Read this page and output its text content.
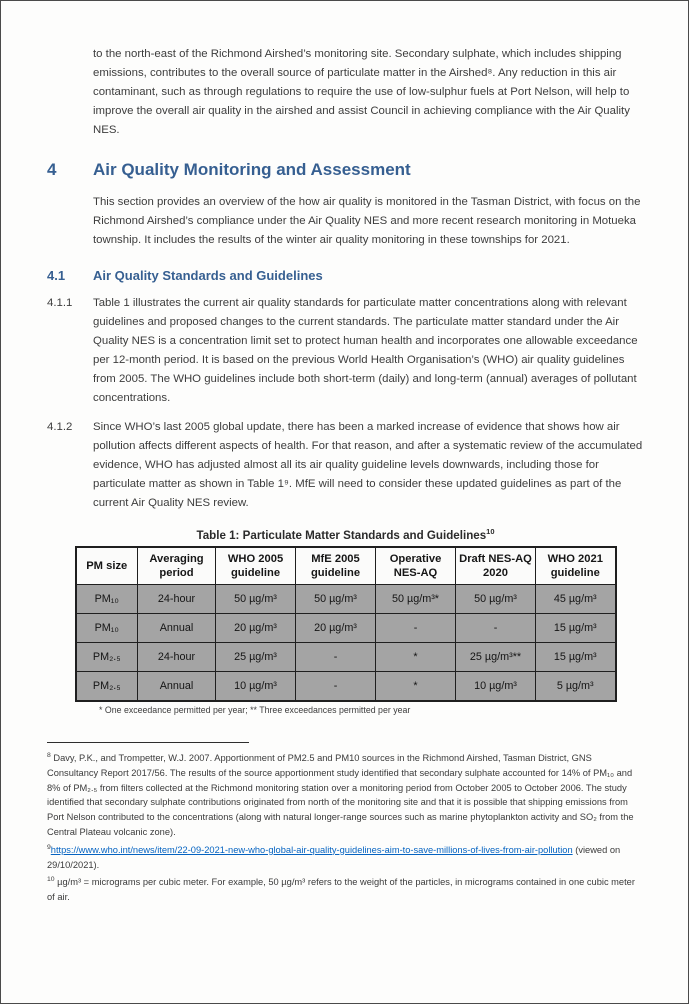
to the north-east of the Richmond Airshed’s monitoring site. Secondary sulphate, which includes shipping emissions, contributes to the overall source of particulate matter in the Airshed⁸. Any reduction in this air contaminant, such as through regulations to require the use of low-sulphur fuels at Port Nelson, will help to improve the overall air quality in the airshed and assist Council in achieving compliance with the Air Quality NES.

4	Air Quality Monitoring and Assessment

This section provides an overview of the how air quality is monitored in the Tasman District, with focus on the Richmond Airshed’s compliance under the Air Quality NES and more recent research monitoring in Motueka township. It includes the results of the winter air quality monitoring in these townships for 2021.

4.1	Air Quality Standards and Guidelines
4.1.1	Table 1 illustrates the current air quality standards for particulate matter concentrations along with relevant guidelines and proposed changes to the current standards. The particulate matter standard under the Air Quality NES is a concentration limit set to protect human health and incorporates one allowable exceedance per 12-month period. It is based on the previous World Health Organisation’s (WHO) air quality guidelines from 2005. The WHO guidelines include both short-term (daily) and long-term (annual) averages of pollutant concentrations.
4.1.2	Since WHO’s last 2005 global update, there has been a marked increase of evidence that shows how air pollution affects different aspects of health. For that reason, and after a systematic review of the accumulated evidence, WHO has adjusted almost all its air quality guideline levels downwards, including those for particulate matter as shown in Table 1⁹. MfE will need to consider these updated guidelines as part of the current Air Quality NES review.
Table 1: Particulate Matter Standards and Guidelines$^{10}$
PM size	Averaging period	WHO 2005 guideline	MfE 2005 guideline	Operative NES-AQ	Draft NES-AQ 2020	WHO 2021 guideline
PM₁₀	24-hour	50 µg/m³	50 µg/m³	50 µg/m³*	50 µg/m³	45 µg/m³
PM₁₀	Annual	20 µg/m³	20 µg/m³	-	-	15 µg/m³
PM₂.₅	24-hour	25 µg/m³	-	*	25 µg/m³**	15 µg/m³
PM₂.₅	Annual	10 µg/m³	-	*	10 µg/m³	5 µg/m³
* One exceedance permitted per year; ** Three exceedances permitted per year
$^8$ Davy, P.K., and Trompetter, W.J. 2007. Apportionment of PM2.5 and PM10 sources in the Richmond Airshed, Tasman District, GNS Consultancy Report 2017/56. The results of the source apportionment study identified that secondary sulphate accounted for 14% of PM₁₀ and 8% of PM₂.₅ from filters collected at the Richmond monitoring station over a monitoring period from October 2005 to October 2006. The study identified that secondary sulphate contributions originated from north of the monitoring site and that it is possible that shipping emissions from Port Nelson contributed to the concentrations (along with natural longer-range sources such as marine phytoplankton activity and SO₂ from the Central Plateau volcanic zone).
$^9$https://www.who.int/news/item/22-09-2021-new-who-global-air-quality-guidelines-aim-to-save-millions-of-lives-from-air-pollution (viewed on 29/10/2021).
$^{10}$ µg/m³ = micrograms per cubic meter. For example, 50 µg/m³ refers to the weight of the particles, in micrograms contained in one cubic meter of air.
